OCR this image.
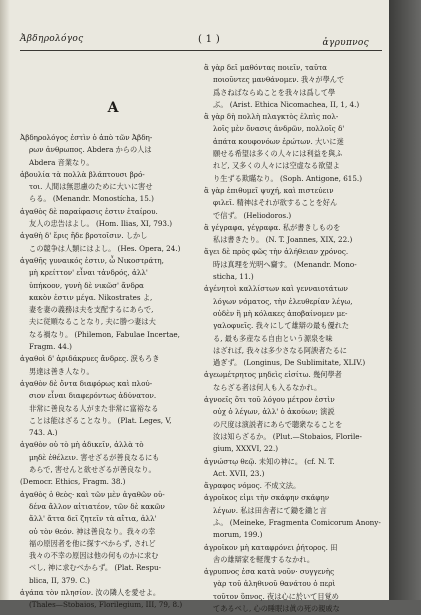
Ἀβδηρολόγος	( 1 )	ἀγρυπνος
A
Ἀβδηρολόγος ἐστὶν ὁ ἀπὸ τῶν Ἀβδη-
ρων ἀνθρωπος. Abdera からの人は
Abdera 音業なり。
ἀβουλία τὰ πολλὰ βλάπτουσι βρό-
τοι. 人間は無思慮のために大いに害せ
らる。 (Menandr. Monostícha, 15.)
ἀγαθὸς δὲ παραίφασις ἐστιν ἑταίρου.
友人の忠告はよし。 (Hom. Ilias, XI, 793.)
ἀγαθὴ δ' ἔρις ἥδε βροτοῖσιν. しかし
この競争は人類にはよし。 (Hes. Opera, 24.)
ἀγαθῆς γυναικός ἐστιν, ὦ Νικοστράτη,
μὴ κρείττον' εἶναι τἀνδρός, ἀλλ'
ὑπήκοον, γυνὴ δὲ νικῶσ' ἄνδρα
κακὸν ἐστιν μέγα. Nikostrates よ,
妻を妻の義務は夫を支配するにあらで,
夫に従順なることなり, 夫に勝つ妻は大
なる禍なり。 (Philemon, Fabulae Incertae,
Fragm. 44.)
ἀγαθοὶ δ' ἀριδάκρυες ἄνδρες. 涙もろき
男達は善き人なり。
ἀγαθὸν δὲ ὄντα διαφόρως καὶ πλού-
σιον εἶναι διαφερόντως ἀδύνατον.
非常に善良なる人がまた非常に富裕なる
ことは能はざることなり。 (Plat. Leges, V,
743. A.)
ἀγαθὸν οὐ τὸ μὴ ἀδικεῖν, ἀλλὰ τὸ
μηδὲ ἐθέλειν. 害せざるが善良なるにも
あらで, 害せんと欲せざるが善良なり。
(Democr. Ethics, Fragm. 38.)
ἀγαθὸς ὁ θεὸς· καὶ τῶν μὲν ἀγαθῶν οὐ-
δένα ἄλλον αἰτιατέον, τῶν δὲ κακῶν
ἄλλ' ἄττα δεῖ ζητεῖν τὰ αἴτια, ἀλλ'
οὐ τὸν θεόν. 神は善良なり。我々の幸
福の原因者を他に探すべからず, されど
我々の不幸の原因は他の何ものかに求む
べし, 神に求むべからず。 (Plat. Respu-
blica, II, 379. C.)
ἀγάπα τὸν πλησίον. 汝の隣人を愛せよ。
(Thales—Stobaios, Florilegium, III, 79, 8.)
ἃ γὰρ δεῖ μαθόντας ποιεῖν, ταῦτα
ποιοῦντες μανθάνομεν. 我々が學んで
爲さねばならぬことを我々は爲して學
ぶ。 (Arist. Ethica Nicomachea, II, 1, 4.)
ἃ γὰρ δὴ πολλὴ πλαγκτὸς ἐλπὶς πολ-
λοῖς μὲν ὄνασις ἀνδρῶν, πολλοῖς δ'
ἀπάτα κουφονόων ἐρώτων. 大いに迷
願せる希望は多くの人々には利益を與ふ
れど, 又多くの人々には空虚なる欲望よ
り生ずる欺瞞なり。 (Soph. Antigone, 615.)
ἃ γὰρ ἐπιθυμεῖ ψυχή, καὶ πιστεύειν
φιλεῖ. 精神はそれが欲することを好ん
で信ず。 (Heliodoros.)
ἃ γέγραφα, γέγραφα. 私が書きしものを
私は書きたり。 (N. T. Joannes, XIX, 22.)
ἄγει δὲ πρὸς φῶς τὴν ἀλήθειαν χρόνος.
時は真理を光明へ齎す。 (Menandr. Mono-
sticha, 11.)
ἀγένητοὶ καλλίστων καὶ γενναιοτάτων
λόγων νόματος, τὴν ἐλευθερίαν λέγω,
οὐδὲν ἢ μὴ κόλακες ἀποβαίνομεν με-
γαλοφυεῖς. 我々にして雄辯の最も優れた
る, 最も多産なる自由という源泉を味
はざれば, 我々は多少さなる阿諛者たるに
過ぎず。 (Longinus, De Sublimitate, XLIV.)
ἀγεωμέτρητος μηδεὶς εἰσίτω. 幾何學者
ならざる者は何人も入るなかれ。
ἀγνοεῖς ὅτι τοῦ λόγου μέτρον ἐστὶν
οὐχ ὁ λέγων, ἀλλ' ὁ ἀκούων; 演説
の尺度は演説者にあらで聴衆なることを
汝は知らざるか。 (Plut.—Stobaios, Florile-
gium, XXXVI, 22.)
ἀγνώστῳ θεῷ. 未知の神に。 (cf. N. T.
Act. XVII, 23.)
ἄγραφος νόμος. 不成文法。
ἀγροῖκος εἰμι τὴν σκάφην σκάφην
λέγων. 私は田舎者にて鋤を鋤と言
ふ。 (Meineke, Fragmenta Comicorum Anony-
morum, 199.)
ἀγροῖκον μὴ καταφρόνει ῥήτορος. 田
舎の雄辯家を軽蔑するなかれ。
ἀγρυπνος ἐσα κατὰ νοῦν· συγγενὴς
γὰρ τοῦ ἀληθινοῦ θανάτου ὁ περὶ
τοῦτον ὕπνος. 夜は心に於いて目覚め
てあるべし, 心の睡眠は眞の死の親戚な
